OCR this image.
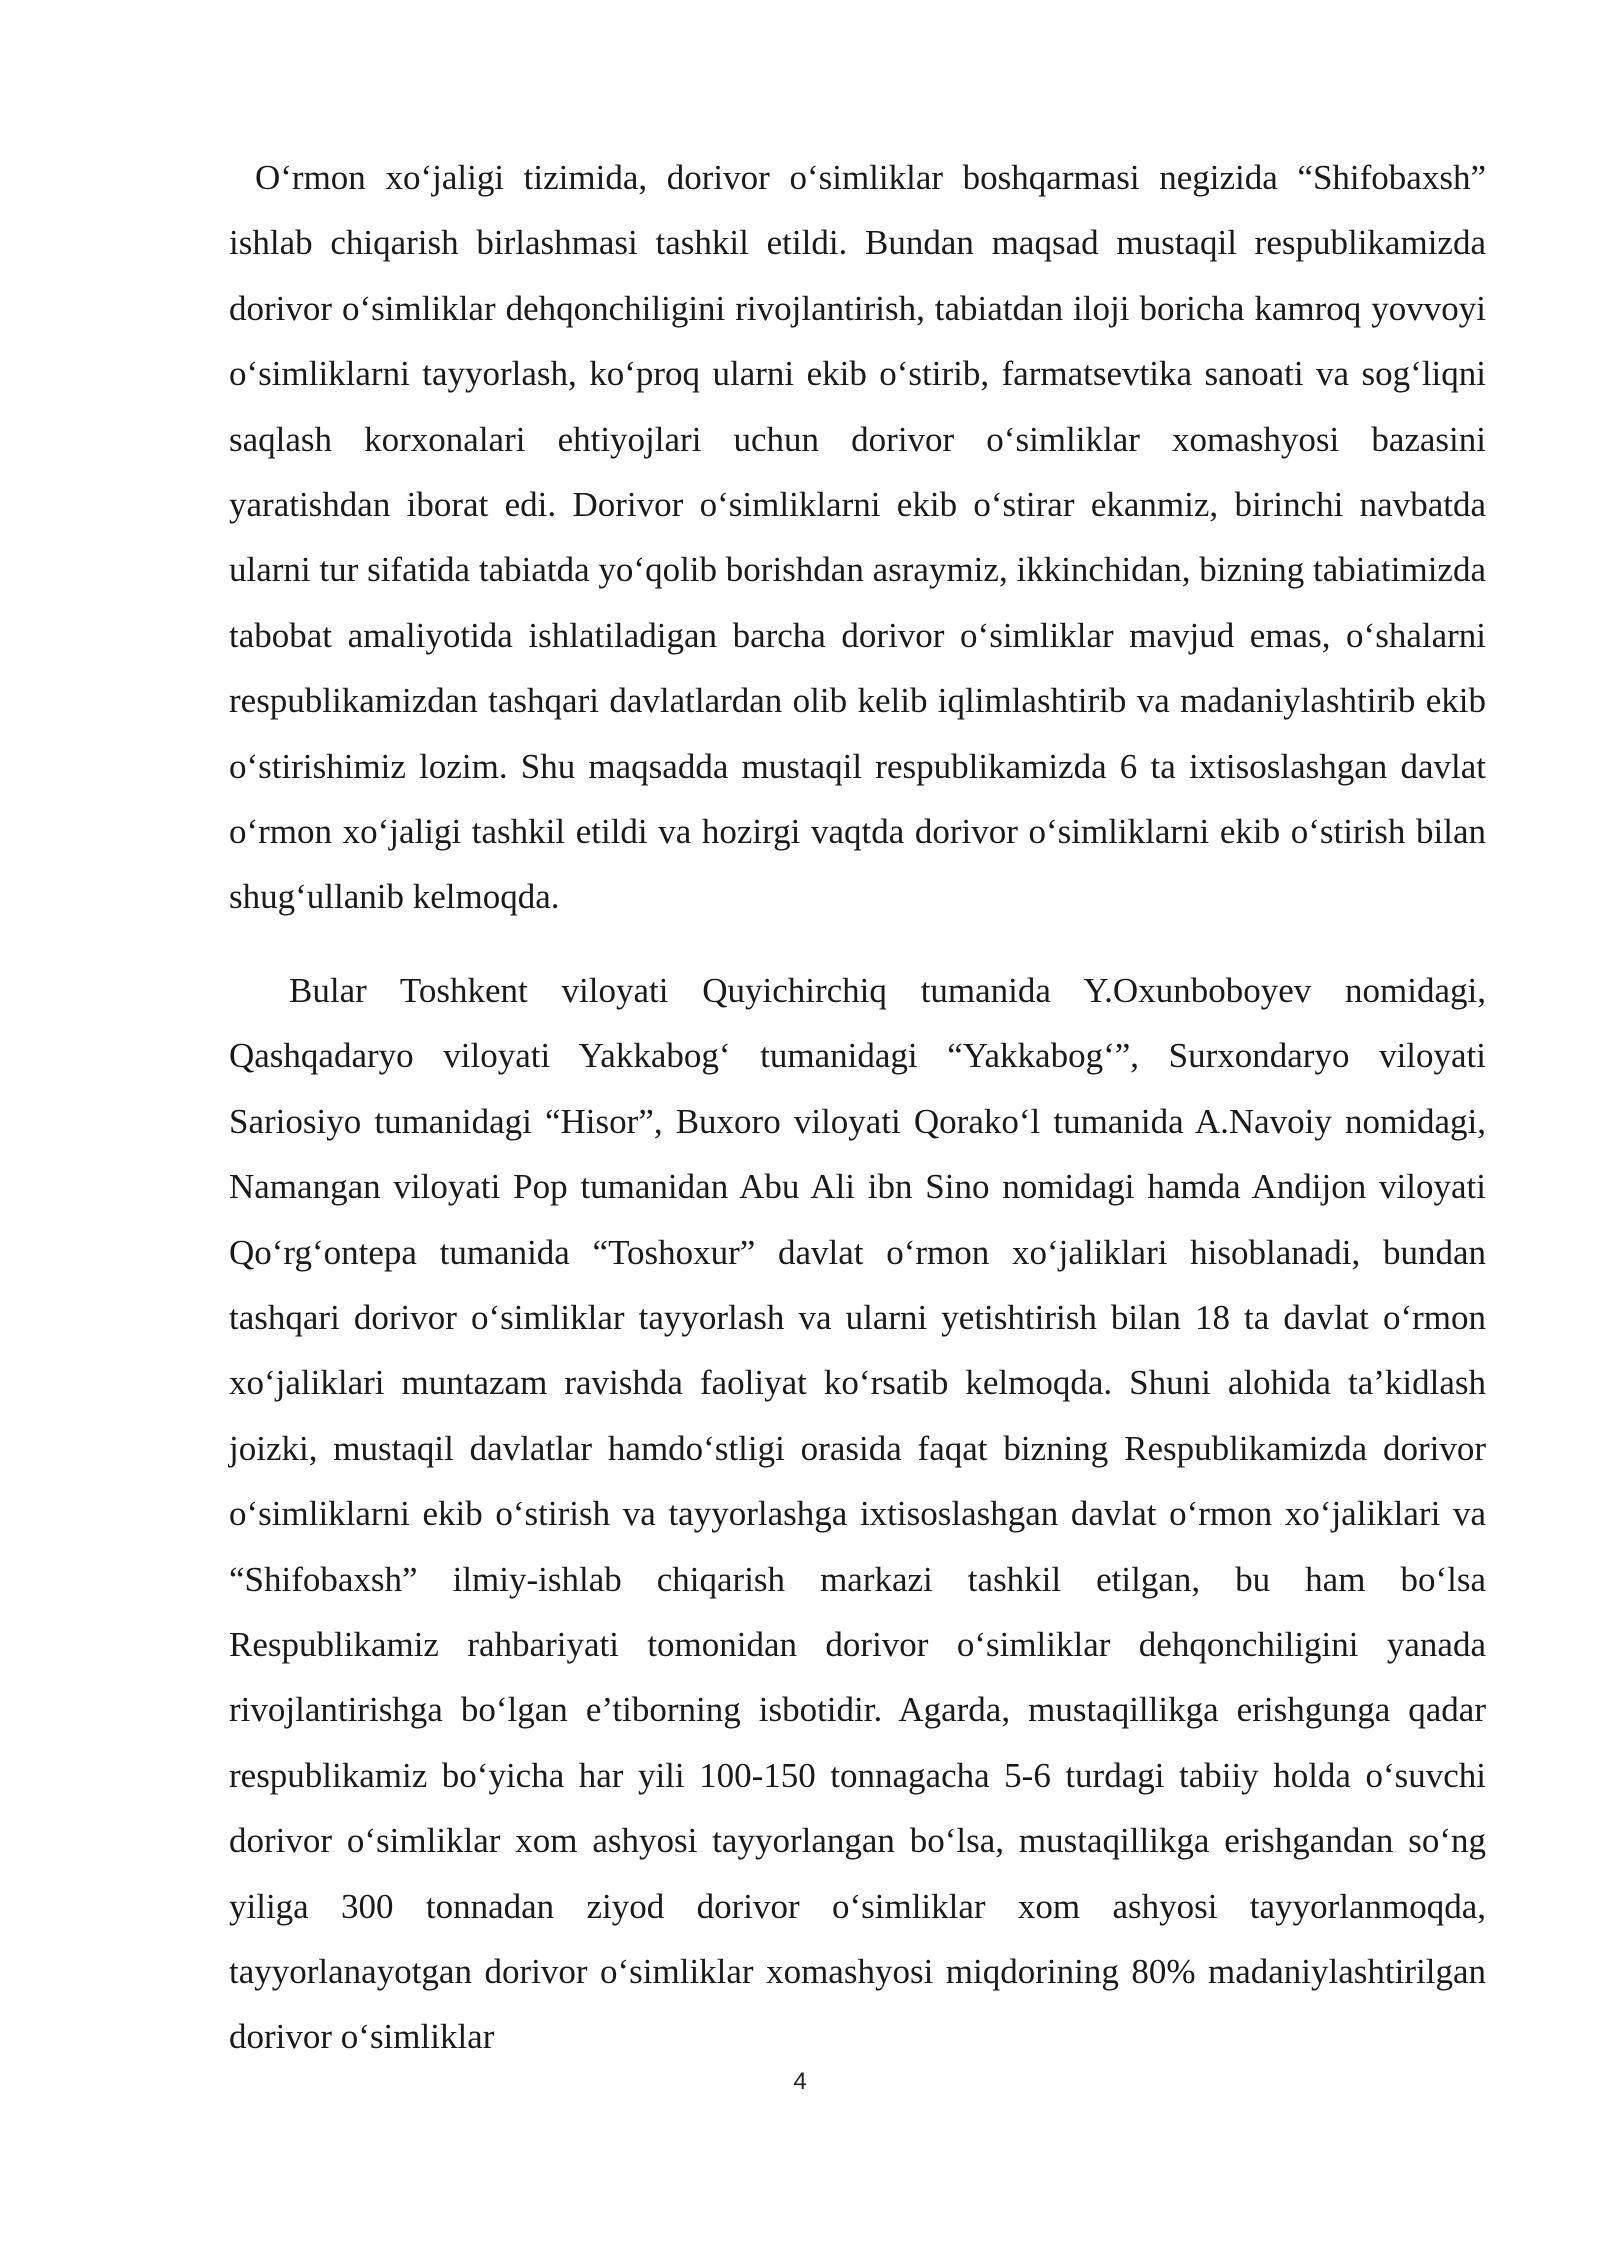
O‘rmon xo‘jaligi tizimida, dorivor o‘simliklar boshqarmasi negizida “Shifobaxsh” ishlab chiqarish birlashmasi tashkil etildi. Bundan maqsad mustaqil respublikamizda dorivor o‘simliklar dehqonchiligini rivojlantirish, tabiatdan iloji boricha kamroq yovvoyi o‘simliklarni tayyorlash, ko‘proq ularni ekib o‘stirib, farmatsevtika sanoati va sog‘liqni saqlash korxonalari ehtiyojlari uchun dorivor o‘simliklar xomashyosi bazasini yaratishdan iborat edi. Dorivor o‘simliklarni ekib o‘stirar ekanmiz, birinchi navbatda ularni tur sifatida tabiatda yo‘qolib borishdan asraymiz, ikkinchidan, bizning tabiatimizda tabobat amaliyotida ishlatiladigan barcha dorivor o‘simliklar mavjud emas, o‘shalarni respublikamizdan tashqari davlatlardan olib kelib iqlimlashtirib va madaniylashtirib ekib o‘stirishimiz lozim. Shu maqsadda mustaqil respublikamizda 6 ta ixtisoslashgan davlat o‘rmon xo‘jaligi tashkil etildi va hozirgi vaqtda dorivor o‘simliklarni ekib o‘stirish bilan shug‘ullanib kelmoqda.

Bular Toshkent viloyati Quyichirchiq tumanida Y.Oxunboboyev nomidagi, Qashqadaryo viloyati Yakkabog‘ tumanidagi “Yakkabog‘”, Surxondaryo viloyati Sariosiyo tumanidagi “Hisor”, Buxoro viloyati Qorako‘l tumanida A.Navoiy nomidagi, Namangan viloyati Pop tumanidan Abu Ali ibn Sino nomidagi hamda Andijon viloyati Qo‘rg‘ontepa tumanida “Toshoxur” davlat o‘rmon xo‘jaliklari hisoblanadi, bundan tashqari dorivor o‘simliklar tayyorlash va ularni yetishtirish bilan 18 ta davlat o‘rmon xo‘jaliklari muntazam ravishda faoliyat ko‘rsatib kelmoqda. Shuni alohida ta’kidlash joizki, mustaqil davlatlar hamdo‘stligi orasida faqat bizning Respublikamizda dorivor o‘simliklarni ekib o‘stirish va tayyorlashga ixtisoslashgan davlat o‘rmon xo‘jaliklari va “Shifobaxsh” ilmiy-ishlab chiqarish markazi tashkil etilgan, bu ham bo‘lsa Respublikamiz rahbariyati tomonidan dorivor o‘simliklar dehqonchiligini yanada rivojlantirishga bo‘lgan e’tiborning isbotidir. Agarda, mustaqillikga erishgunga qadar respublikamiz bo‘yicha har yili 100-150 tonnagacha 5-6 turdagi tabiiy holda o‘suvchi dorivor o‘simliklar xom ashyosi tayyorlangan bo‘lsa, mustaqillikga erishgandan so‘ng yiliga 300 tonnadan ziyod dorivor o‘simliklar xom ashyosi tayyorlanmoqda, tayyorlanayotgan dorivor o‘simliklar xomashyosi miqdorining 80% madaniylashtirilgan dorivor o‘simliklar

4
